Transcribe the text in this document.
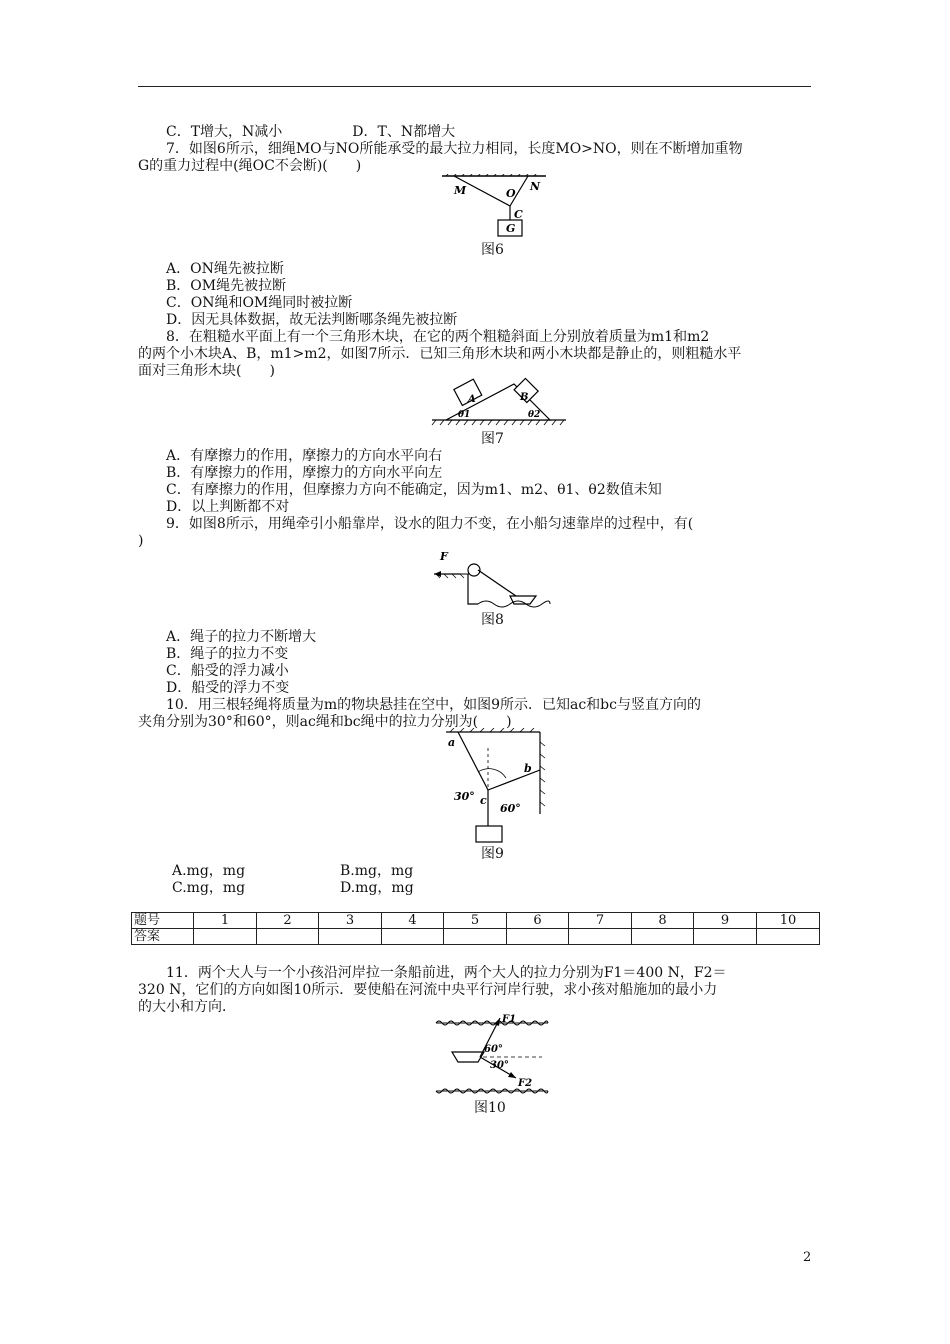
C．T增大，N减小　　　　　D．T、N都增大
7．如图6所示，细绳MO与NO所能承受的最大拉力相同，长度MO>NO，则在不断增加重物
G的重力过程中(绳OC不会断)(　　)
M	O
N
C
G
图6
A．ON绳先被拉断
B．OM绳先被拉断
C．ON绳和OM绳同时被拉断
D．因无具体数据，故无法判断哪条绳先被拉断
8．在粗糙水平面上有一个三角形木块，在它的两个粗糙斜面上分别放着质量为m1和m2
的两个小木块A、B，m1>m2，如图7所示．已知三角形木块和两小木块都是静止的，则粗糙水平
面对三角形木块(　　)
A	B
θ1	θ2
图7
A．有摩擦力的作用，摩擦力的方向水平向右
B．有摩擦力的作用，摩擦力的方向水平向左
C．有摩擦力的作用，但摩擦力方向不能确定，因为m1、m2、θ1、θ2数值未知
D．以上判断都不对
9．如图8所示，用绳牵引小船靠岸，设水的阻力不变，在小船匀速靠岸的过程中，有(
)
F
图8
A．绳子的拉力不断增大
B．绳子的拉力不变
C．船受的浮力减小
D．船受的浮力不变
10．用三根轻绳将质量为m的物块悬挂在空中，如图9所示．已知ac和bc与竖直方向的
夹角分别为30°和60°，则ac绳和bc绳中的拉力分别为(　　)
a
b
c
30°
60°
图9
A.mg，mg	B.mg，mg
C.mg，mg	D.mg，mg
题号	1	2	3	4	5	6	7	8	9	10
答案										
11．两个大人与一个小孩沿河岸拉一条船前进，两个大人的拉力分别为F1＝400 N，F2＝
320 N，它们的方向如图10所示．要使船在河流中央平行河岸行驶，求小孩对船施加的最小力
的大小和方向．
F1
F2
60°
30°
图10
2
